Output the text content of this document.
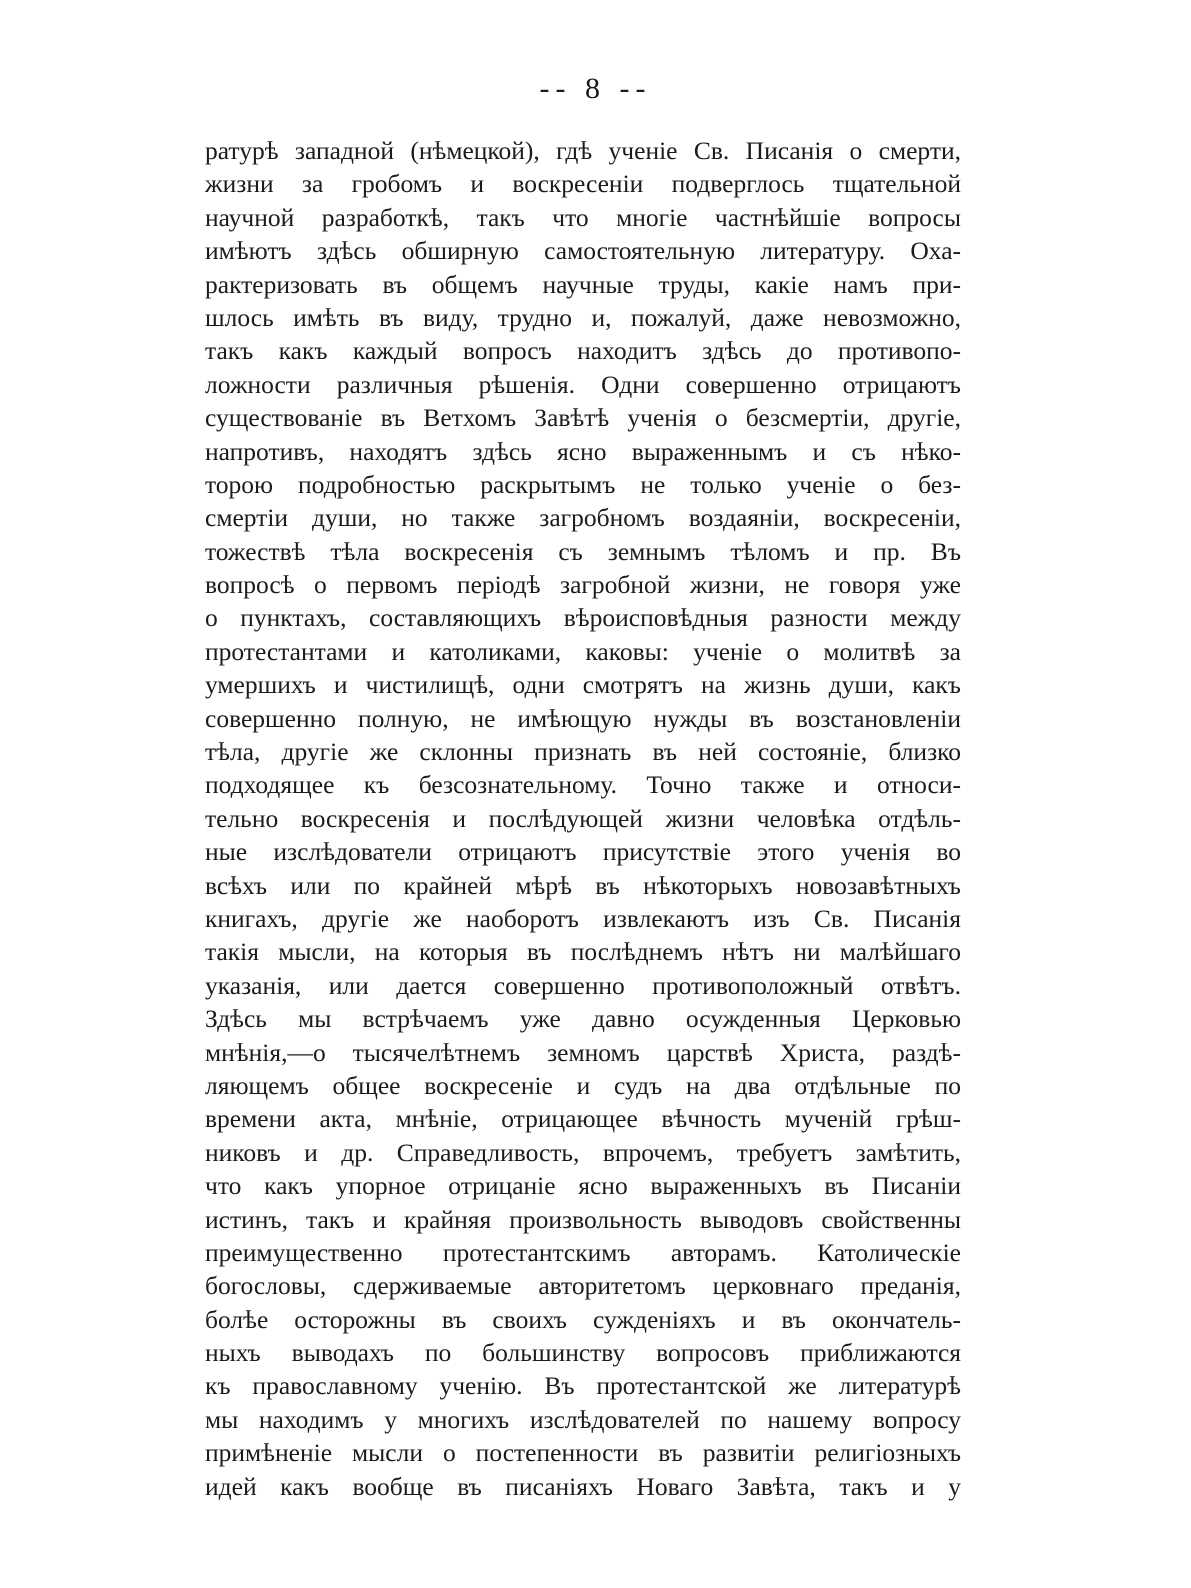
-- 8 --
ратурѣ западной (нѣмецкой), гдѣ ученіе Св. Писанія о смерти,
жизни за гробомъ и воскресеніи подверглось тщательной
научной разработкѣ, такъ что многіе частнѣйшіе вопросы
имѣютъ здѣсь обширную самостоятельную литературу. Оха-
рактеризовать въ общемъ научные труды, какіе намъ при-
шлось имѣть въ виду, трудно и, пожалуй, даже невозможно,
такъ какъ каждый вопросъ находитъ здѣсь до противопо-
ложности различныя рѣшенія. Одни совершенно отрицаютъ
существованіе въ Ветхомъ Завѣтѣ ученія о безсмертіи, другіе,
напротивъ, находятъ здѣсь ясно выраженнымъ и съ нѣко-
торою подробностью раскрытымъ не только ученіе о без-
смертіи души, но также загробномъ воздаяніи, воскресеніи,
тожествѣ тѣла воскресенія съ земнымъ тѣломъ и пр. Въ
вопросѣ о первомъ періодѣ загробной жизни, не говоря уже
о пунктахъ, составляющихъ вѣроисповѣдныя разности между
протестантами и католиками, каковы: ученіе о молитвѣ за
умершихъ и чистилищѣ, одни смотрятъ на жизнь души, какъ
совершенно полную, не имѣющую нужды въ возстановленіи
тѣла, другіе же склонны признать въ ней состояніе, близко
подходящее къ безсознательному. Точно также и относи-
тельно воскресенія и послѣдующей жизни человѣка отдѣль-
ные изслѣдователи отрицаютъ присутствіе этого ученія во
всѣхъ или по крайней мѣрѣ въ нѣкоторыхъ новозавѣтныхъ
книгахъ, другіе же наоборотъ извлекаютъ изъ Св. Писанія
такія мысли, на которыя въ послѣднемъ нѣтъ ни малѣйшаго
указанія, или дается совершенно противоположный отвѣтъ.
Здѣсь мы встрѣчаемъ уже давно осужденныя Церковью
мнѣнія,—о тысячелѣтнемъ земномъ царствѣ Христа, раздѣ-
ляющемъ общее воскресеніе и судъ на два отдѣльные по
времени акта, мнѣніе, отрицающее вѣчность мученій грѣш-
никовъ и др. Справедливость, впрочемъ, требуетъ замѣтить,
что какъ упорное отрицаніе ясно выраженныхъ въ Писаніи
истинъ, такъ и крайняя произвольность выводовъ свойственны
преимущественно протестантскимъ авторамъ. Католическіе
богословы, сдерживаемые авторитетомъ церковнаго преданія,
болѣе осторожны въ своихъ сужденіяхъ и въ окончатель-
ныхъ выводахъ по большинству вопросовъ приближаются
къ православному ученію. Въ протестантской же литературѣ
мы находимъ у многихъ изслѣдователей по нашему вопросу
примѣненіе мысли о постепенности въ развитіи религіозныхъ
идей какъ вообще въ писаніяхъ Новаго Завѣта, такъ и у
